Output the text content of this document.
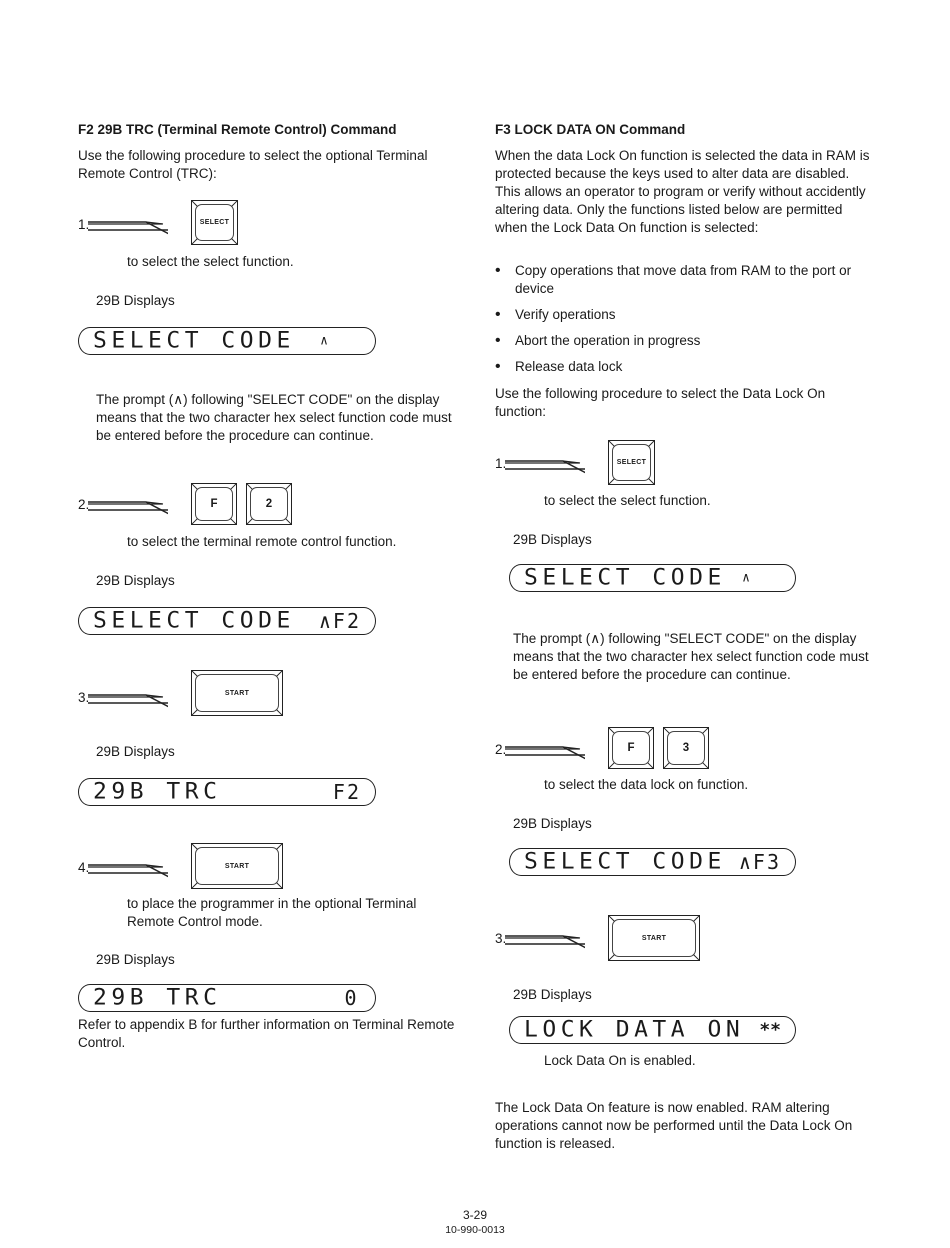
F2 29B TRC (Terminal Remote Control) Command
Use the following procedure to select the optional Terminal Remote Control (TRC):
1.	SELECT
to select the select function.
29B Displays
SELECT CODE ∧
The prompt (∧) following "SELECT CODE" on the display means that the two character hex select function code must be entered before the procedure can continue.
2.	F	2
to select the terminal remote control function.
29B Displays
SELECT CODE ∧F2
3.	START
29B Displays
29B TRC	F2
4.	START
to place the programmer in the optional Terminal Remote Control mode.
29B Displays
29B TRC	0
Refer to appendix B for further information on Terminal Remote Control.
F3 LOCK DATA ON Command
When the data Lock On function is selected the data in RAM is protected because the keys used to alter data are disabled. This allows an operator to program or verify without accidently altering data. Only the functions listed below are permitted when the Lock Data On function is selected:
• Copy operations that move data from RAM to the port or device
• Verify operations
• Abort the operation in progress
• Release data lock
Use the following procedure to select the Data Lock On function:
1.	SELECT
to select the select function.
29B Displays
SELECT CODE ∧
The prompt (∧) following "SELECT CODE" on the display means that the two character hex select function code must be entered before the procedure can continue.
2.	F	3
to select the data lock on function.
29B Displays
SELECT CODE ∧F3
3.	START
29B Displays
LOCK DATA ON **
Lock Data On is enabled.
The Lock Data On feature is now enabled. RAM altering operations cannot now be performed until the Data Lock On function is released.
3-29
10-990-0013
